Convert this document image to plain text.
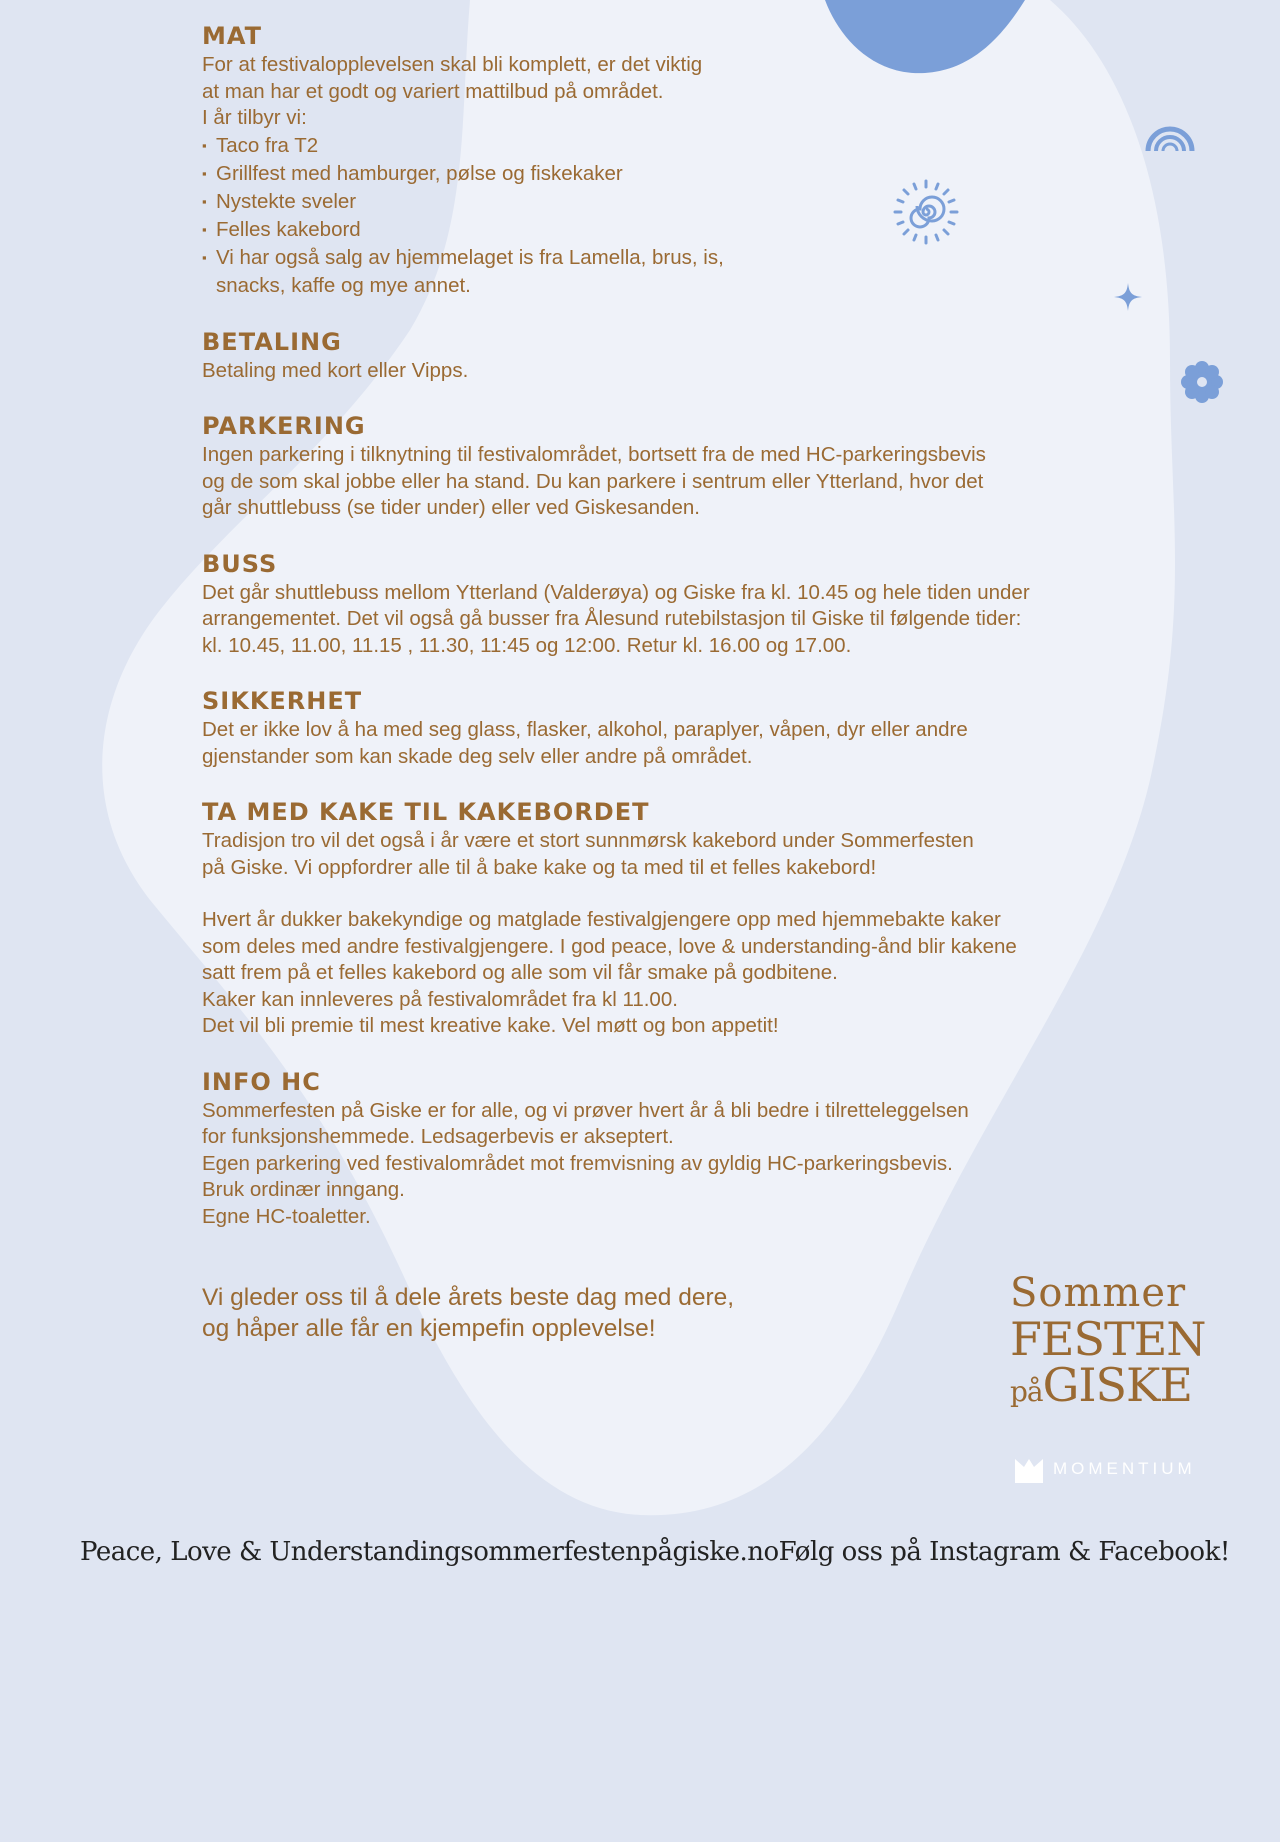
MAT

For at festivalopplevelsen skal bli komplett, er det viktig

at man har et godt og variert mattilbud på området.

I år tilbyr vi:

▪ Taco fra T2
▪ Grillfest med hamburger, pølse og fiskekaker
▪ Nystekte sveler
▪ Felles kakebord
▪ Vi har også salg av hjemmelaget is fra Lamella, brus, is,
snacks, kaffe og mye annet.
BETALING

Betaling med kort eller Vipps.

PARKERING

Ingen parkering i tilknytning til festivalområdet, bortsett fra de med HC-parkeringsbevis

og de som skal jobbe eller ha stand. Du kan parkere i sentrum eller Ytterland, hvor det

går shuttlebuss (se tider under) eller ved Giskesanden.

BUSS

Det går shuttlebuss mellom Ytterland (Valderøya) og Giske fra kl. 10.45 og hele tiden under

arrangementet. Det vil også gå busser fra Ålesund rutebilstasjon til Giske til følgende tider:

kl. 10.45, 11.00, 11.15 , 11.30, 11:45 og 12:00. Retur kl. 16.00 og 17.00.

SIKKERHET

Det er ikke lov å ha med seg glass, flasker, alkohol, paraplyer, våpen, dyr eller andre

gjenstander som kan skade deg selv eller andre på området.

TA MED KAKE TIL KAKEBORDET

Tradisjon tro vil det også i år være et stort sunnmørsk kakebord under Sommerfesten

på Giske. Vi oppfordrer alle til å bake kake og ta med til et felles kakebord!

Hvert år dukker bakekyndige og matglade festivalgjengere opp med hjemmebakte kaker

som deles med andre festivalgjengere. I god peace, love & understanding-ånd blir kakene

satt frem på et felles kakebord og alle som vil får smake på godbitene.

Kaker kan innleveres på festivalområdet fra kl 11.00.

Det vil bli premie til mest kreative kake. Vel møtt og bon appetit!

INFO HC

Sommerfesten på Giske er for alle, og vi prøver hvert år å bli bedre i tilretteleggelsen

for funksjonshemmede. Ledsagerbevis er akseptert.

Egen parkering ved festivalområdet mot fremvisning av gyldig HC-parkeringsbevis.

Bruk ordinær inngang.

Egne HC-toaletter.

Vi gleder oss til å dele årets beste dag med dere,
og håper alle får en kjempefin opplevelse!
Sommer
FESTEN
påGISKE
MOMENTIUM
Peace, Love & Understanding sommerfestenpågiske.no Følg oss på Instagram & Facebook!
